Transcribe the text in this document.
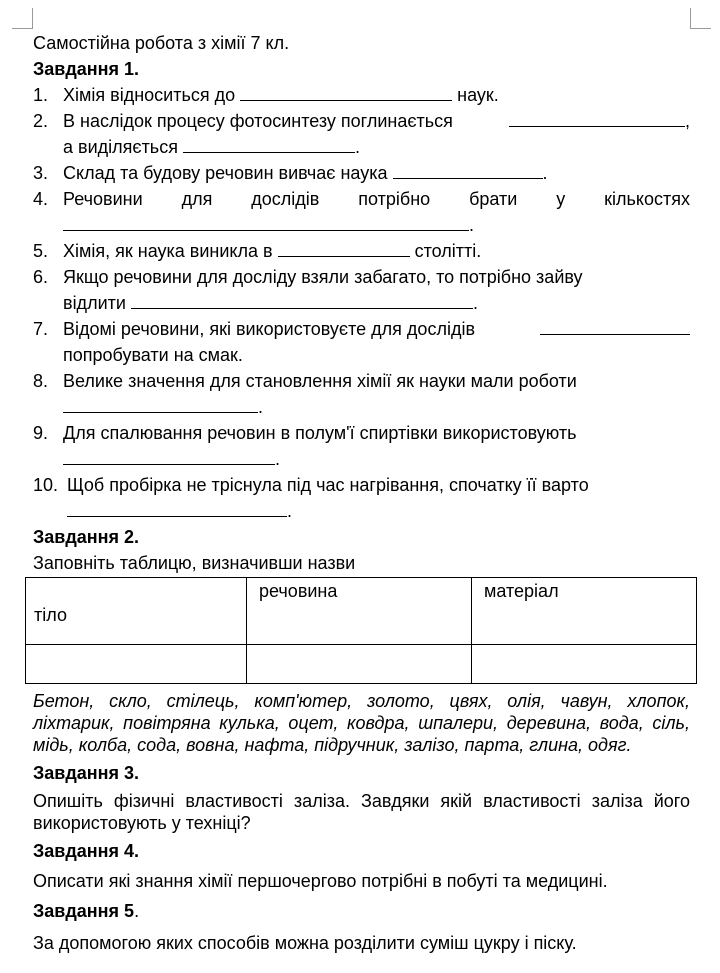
Самостійна робота з хімії 7 кл.
Завдання 1.
1. Хімія відноситься до	наук.
2. В наслідок процесу фотосинтезу поглинається	,
а виділяється	.
3. Склад та будову речовин вивчає наука	.
4. Речовини для дослідів потрібно брати у кількостях
.
5. Хімія, як наука виникла в	столітті.
6. Якщо речовини для досліду взяли забагато, то потрібно зайву
відлити	.
7. Відомі речовини, які використовуєте для дослідів
попробувати на смак.
8. Велике значення для становлення хімії як науки мали роботи
.
9. Для спалювання речовин в полум'ї спиртівки використовують
.
10. Щоб пробірка не тріснула під час нагрівання, спочатку її варто
.
Завдання 2.
Заповніть таблицю, визначивши назви
тіло	речовина	матеріал

Бетон, скло, стілець, комп'ютер, золото, цвях, олія, чавун, хлопок, ліхтарик, повітряна кулька, оцет, ковдра, шпалери, деревина, вода, сіль, мідь, колба, сода, вовна, нафта, підручник, залізо, парта, глина, одяг.
Завдання 3.
Опишіть фізичні властивості заліза. Завдяки якій властивості заліза його використовують у техніці?
Завдання 4.
Описати які знання хімії першочергово потрібні в побуті та медицині.
Завдання 5.
За допомогою яких способів можна розділити суміш цукру і піску.
